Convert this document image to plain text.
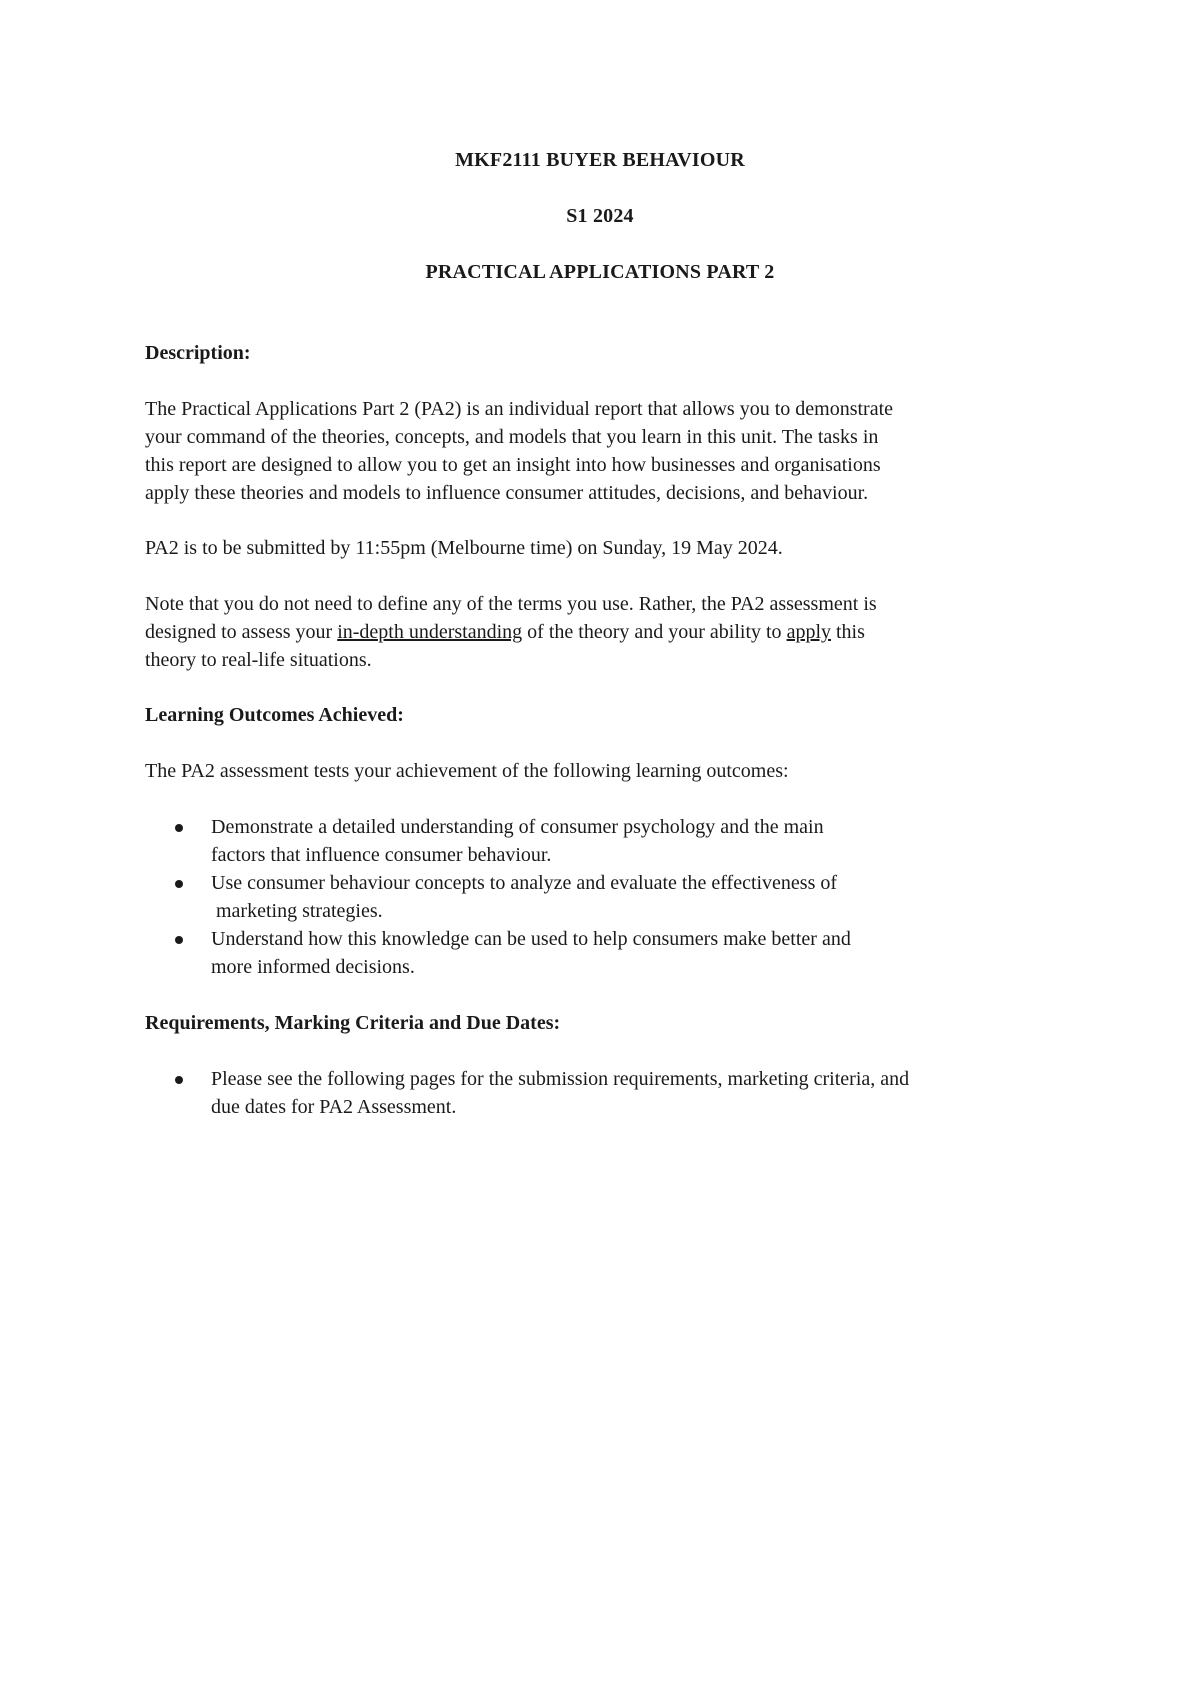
MKF2111 BUYER BEHAVIOUR
S1 2024
PRACTICAL APPLICATIONS PART 2
Description:

The Practical Applications Part 2 (PA2) is an individual report that allows you to demonstrate
your command of the theories, concepts, and models that you learn in this unit. The tasks in
this report are designed to allow you to get an insight into how businesses and organisations
apply these theories and models to influence consumer attitudes, decisions, and behaviour.

PA2 is to be submitted by 11:55pm (Melbourne time) on Sunday, 19 May 2024.

Note that you do not need to define any of the terms you use. Rather, the PA2 assessment is
designed to assess your in-depth understanding of the theory and your ability to apply this
theory to real-life situations.

Learning Outcomes Achieved:
The PA2 assessment tests your achievement of the following learning outcomes:
Demonstrate a detailed understanding of consumer psychology and the main
factors that influence consumer behaviour.
Use consumer behaviour concepts to analyze and evaluate the effectiveness of
marketing strategies.
Understand how this knowledge can be used to help consumers make better and
more informed decisions.
Requirements, Marking Criteria and Due Dates:
Please see the following pages for the submission requirements, marketing criteria, and
due dates for PA2 Assessment.
